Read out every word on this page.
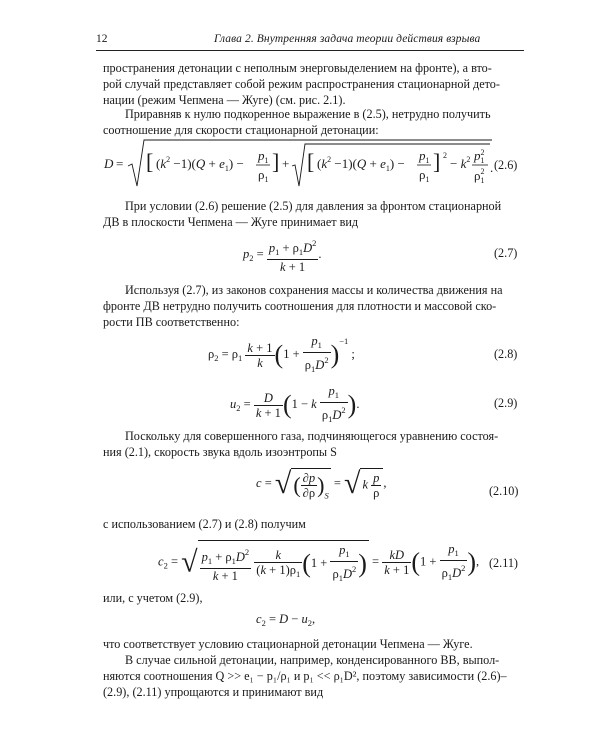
12	Глава 2. Внутренняя задача теории действия взрыва

пространения детонации с неполным энерговыделением на фронте), а вто-
рой случай представляет собой режим распространения стационарной дето-
нации (режим Чепмена — Жуге) (см. рис. 2.1).

Приравняв к нулю подкоренное выражение в (2.5), нетрудно получить
соотношение для скорости стационарной детонации:

D = [ $(k^2 -1)(Q + e_1)$ −
$p_1$
$\rho_1$
] + [ $(k^2 -1)(Q + e_1)$ −
$p_1$
$\rho_1$
] 2
− $k^2$ $p^2$ 1
$\rho^2$ 1
. (2.6)

При условии (2.6) решение (2.5) для давления за фронтом стационарной
ДВ в плоскости Чепмена — Жуге принимает вид

$p_2 = \frac{p_1 + \rho_1D^2}{k + 1}$ .	(2.7)

Используя (2.7), из законов сохранения массы и количества движения на
фронте ДВ нетрудно получить соотношения для плотности и массовой ско-
рости ПВ соответственно:

$\rho_2 = \rho_1 \frac{k + 1}{k} (1 + \frac{p_1}{\rho_1D^2} )^{-1}$ ;	(2.8)
$u_2 = \frac{D}{k + 1} (1 - k \frac{p_1}{\rho_1D^2}$ ).	(2.9)

Поскольку для совершенного газа, подчиняющегося уравнению состоя-
ния (2.1), скорость звука вдоль изоэнтропы S

c = √( $\frac{\partial p}{\partial\rho} )_S$ = √ k $\frac{p}{\rho}$ ,
(2.10)

с использованием (2.7) и (2.8) получим

$c_2$ = √ $\frac{p_1 + \rho_1D^2}{k + 1}$
$\frac{k}{(k + 1)\rho_1} (1 + \frac{p_1}{\rho_1D^2}$ ) = $\frac{kD}{k + 1} (1 + \frac{p_1}{\rho_1D^2}$ ), (2.11)

или, с учетом (2.9),

$c_2 = D - u_2$,

что соответствует условию стационарной детонации Чепмена — Жуге.

В случае сильной детонации, например, конденсированного ВВ, выпол-
няются соотношения Q >> e₁ − p₁/ρ₁ и p₁ << ρ₁D², поэтому зависимости (2.6)–
(2.9), (2.11) упрощаются и принимают вид
